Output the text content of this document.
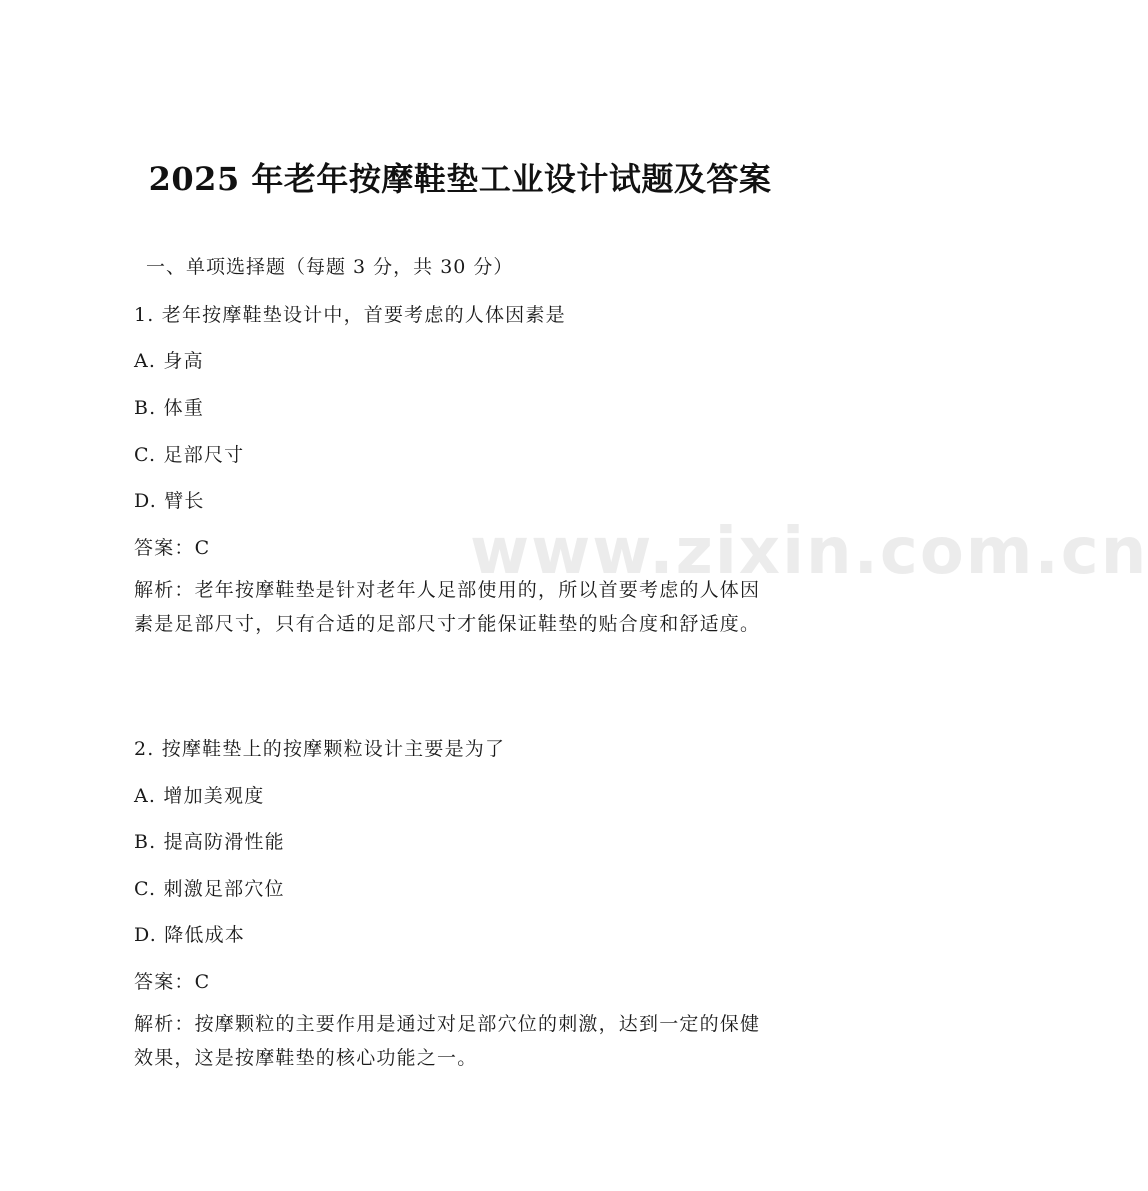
www.zixin.com.cn
2025 年老年按摩鞋垫工业设计试题及答案
一、单项选择题（每题 3 分，共 30 分）
1. 老年按摩鞋垫设计中，首要考虑的人体因素是
A. 身高
B. 体重
C. 足部尺寸
D. 臂长
答案：C
解析：老年按摩鞋垫是针对老年人足部使用的，所以首要考虑的人体因素是足部尺寸，只有合适的足部尺寸才能保证鞋垫的贴合度和舒适度。
2. 按摩鞋垫上的按摩颗粒设计主要是为了
A. 增加美观度
B. 提高防滑性能
C. 刺激足部穴位
D. 降低成本
答案：C
解析：按摩颗粒的主要作用是通过对足部穴位的刺激，达到一定的保健效果，这是按摩鞋垫的核心功能之一。
